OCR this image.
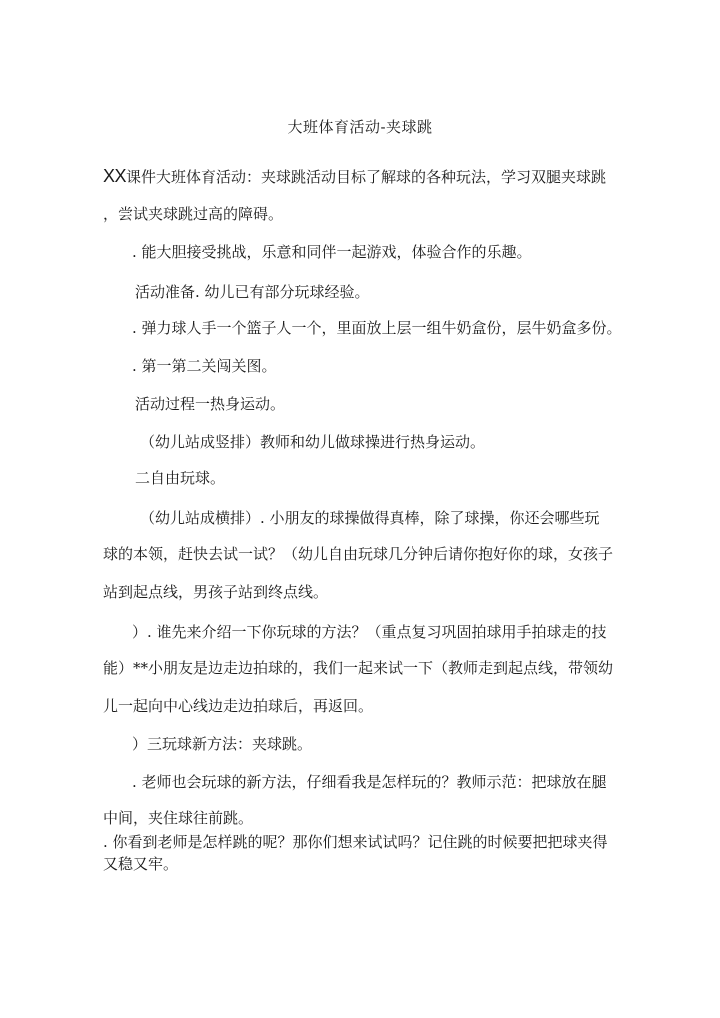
大班体育活动-夹球跳
XX课件大班体育活动：夹球跳活动目标了解球的各种玩法，学习双腿夹球跳
，尝试夹球跳过高的障碍。
. 能大胆接受挑战，乐意和同伴一起游戏，体验合作的乐趣。
活动准备. 幼儿已有部分玩球经验。
. 弹力球人手一个篮子人一个，里面放上层一组牛奶盒份，层牛奶盒多份。
. 第一第二关闯关图。
活动过程一热身运动。
（幼儿站成竖排）教师和幼儿做球操进行热身运动。
二自由玩球。
（幼儿站成横排）. 小朋友的球操做得真棒，除了球操，你还会哪些玩
球的本领，赶快去试一试？（幼儿自由玩球几分钟后请你抱好你的球，女孩子
站到起点线，男孩子站到终点线。
）. 谁先来介绍一下你玩球的方法？（重点复习巩固拍球用手拍球走的技
能）**小朋友是边走边拍球的，我们一起来试一下（教师走到起点线，带领幼
儿一起向中心线边走边拍球后，再返回。
）三玩球新方法：夹球跳。
. 老师也会玩球的新方法，仔细看我是怎样玩的？教师示范：把球放在腿
中间，夹住球往前跳。
. 你看到老师是怎样跳的呢？那你们想来试试吗？记住跳的时候要把把球夹得
又稳又牢。
